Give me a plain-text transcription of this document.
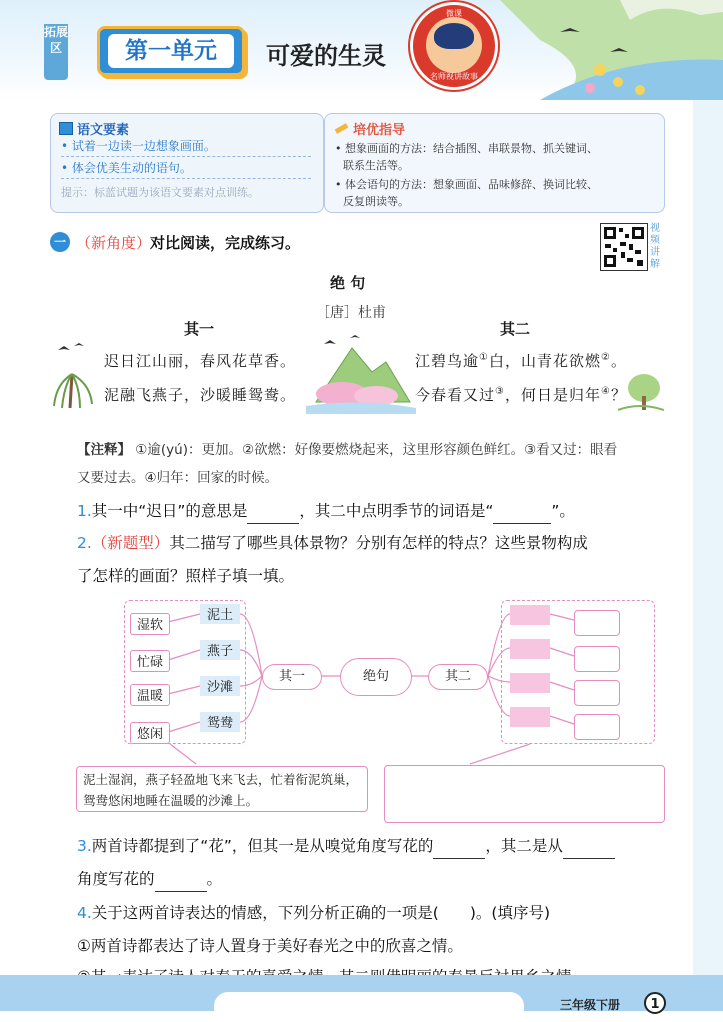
拓展区	第一单元	可爱的生灵
微课
名师视讲故事
语文要素
• 试着一边读一边想象画面。
• 体会优美生动的语句。
提示：标蓝试题为该语文要素对点训练。
培优指导
• 想象画面的方法：结合插图、串联景物、抓关键词、
联系生活等。
• 体会语句的方法：想象画面、品味修辞、换词比较、
反复朗读等。
一 （新角度）
对比阅读，完成练习。
视频讲解
绝 句
［唐］杜甫
其一	其二
迟日江山丽，春风花草香。
泥融飞燕子，沙暖睡鸳鸯。
江碧鸟逾①白，山青花欲燃②。
今春看又过③，何日是归年④？
【注释】 ①逾(yú)：更加。②欲燃：好像要燃烧起来，这里形容颜色鲜红。③看又过：眼看
又要过去。④归年：回家的时候。
1.其一中“迟日”的意思是	，其二中点明季节的词语是“	”。
2.（新题型）其二描写了哪些具体景物？分别有怎样的特点？这些景物构成
了怎样的画面？照样子填一填。
湿软
忙碌
温暖
悠闲
泥土
燕子
沙滩
鸳鸯
其一	绝句	其二
泥土湿润，燕子轻盈地飞来飞去，忙着衔泥筑巢，鸳鸯悠闲地睡在温暖的沙滩上。
3.两首诗都提到了“花”，但其一是从嗅觉角度写花的	，其二是从
角度写花的	。
4.关于这两首诗表达的情感，下列分析正确的一项是(　　)。(填序号)
①两首诗都表达了诗人置身于美好春光之中的欣喜之情。
三年级下册	1
